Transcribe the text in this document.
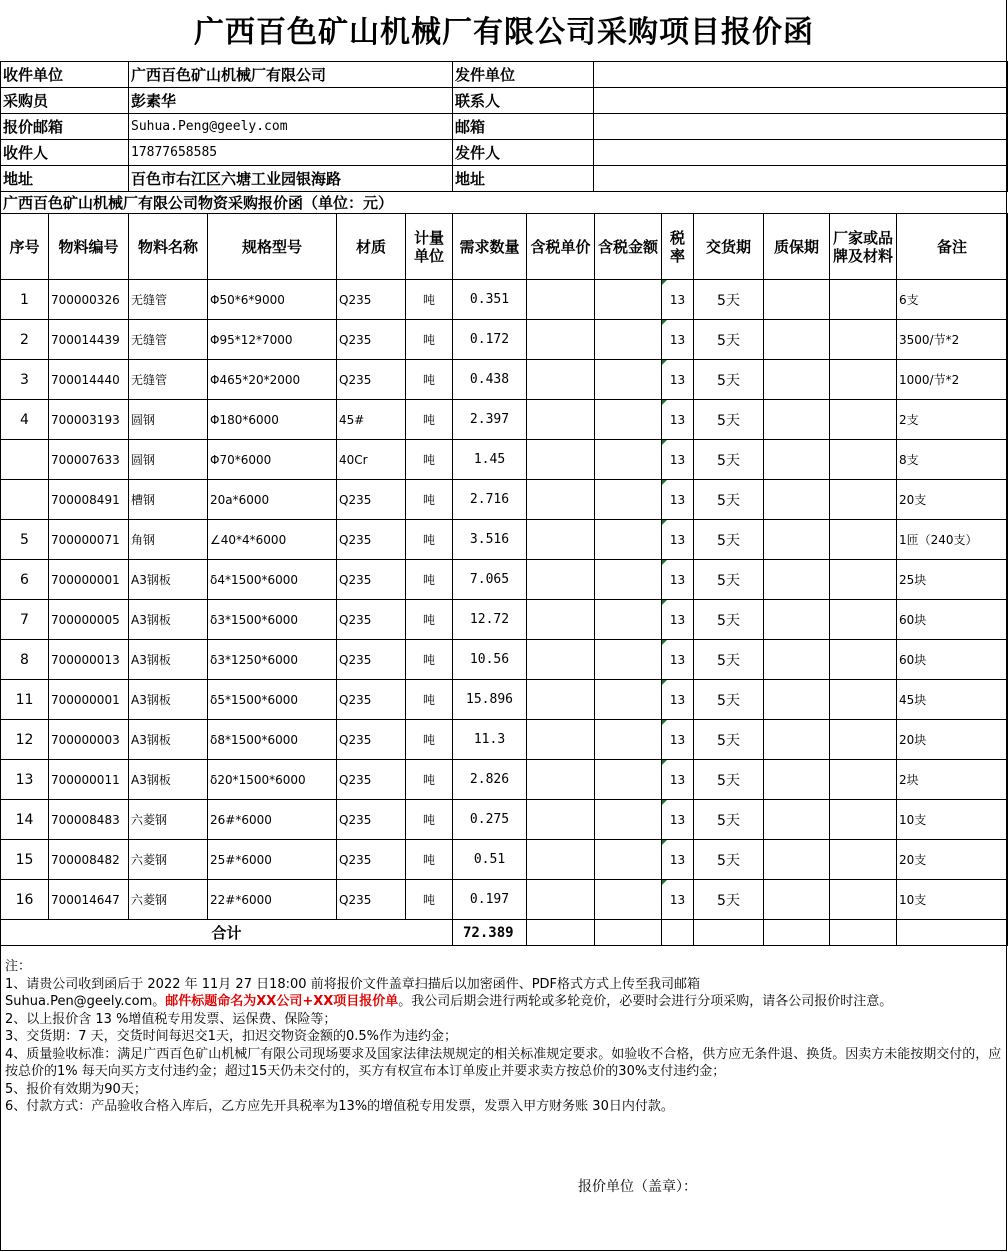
广西百色矿山机械厂有限公司采购项目报价函
收件单位	广西百色矿山机械厂有限公司	发件单位	
采购员	彭素华	联系人	
报价邮箱	Suhua.Peng@geely.com	邮箱	
收件人	17877658585	发件人	
地址	百色市右江区六塘工业园银海路	地址	
广西百色矿山机械厂有限公司物资采购报价函（单位：元）
序号	物料编号	物料名称	规格型号	材质	计量单位	需求数量	含税单价	含税金额	税率	交货期	质保期	厂家或品牌及材料	备注
1	700000326	无缝管	Φ50*6*9000	Q235	吨	0.351			13	5天			6支
2	700014439	无缝管	Φ95*12*7000	Q235	吨	0.172			13	5天			3500/节*2
3	700014440	无缝管	Φ465*20*2000	Q235	吨	0.438			13	5天			1000/节*2
4	700003193	圆钢	Φ180*6000	45#	吨	2.397			13	5天			2支
	700007633	圆钢	Φ70*6000	40Cr	吨	1.45			13	5天			8支
	700008491	槽钢	20a*6000	Q235	吨	2.716			13	5天			20支
5	700000071	角钢	∠40*4*6000	Q235	吨	3.516			13	5天			1匝（240支）
6	700000001	A3钢板	δ4*1500*6000	Q235	吨	7.065			13	5天			25块
7	700000005	A3钢板	δ3*1500*6000	Q235	吨	12.72			13	5天			60块
8	700000013	A3钢板	δ3*1250*6000	Q235	吨	10.56			13	5天			60块
11	700000001	A3钢板	δ5*1500*6000	Q235	吨	15.896			13	5天			45块
12	700000003	A3钢板	δ8*1500*6000	Q235	吨	11.3			13	5天			20块
13	700000011	A3钢板	δ20*1500*6000	Q235	吨	2.826			13	5天			2块
14	700008483	六菱钢	26#*6000	Q235	吨	0.275			13	5天			10支
15	700008482	六菱钢	25#*6000	Q235	吨	0.51			13	5天			20支
16	700014647	六菱钢	22#*6000	Q235	吨	0.197			13	5天			10支
合计						72.389							

注：

1、请贵公司收到函后于 2022 年 11月 27 日18:00 前将报价文件盖章扫描后以加密函件、PDF格式方式上传至我司邮箱

Suhua.Pen@geely.com。邮件标题命名为XX公司+XX项目报价单。我公司后期会进行两轮或多轮竞价，必要时会进行分项采购，请各公司报价时注意。

2、以上报价含 13 %增值税专用发票、运保费、保险等；

3、交货期：7 天，交货时间每迟交1天，扣迟交物资金额的0.5%作为违约金；

4、质量验收标准：满足广西百色矿山机械厂有限公司现场要求及国家法律法规规定的相关标准规定要求。如验收不合格，供方应无条件退、换货。因卖方未能按期交付的，应按总价的1% 每天向买方支付违约金；超过15天仍未交付的，买方有权宣布本订单废止并要求卖方按总价的30%支付违约金；

5、报价有效期为90天；

6、付款方式：产品验收合格入库后，乙方应先开具税率为13%的增值税专用发票，发票入甲方财务账 30日内付款。

报价单位（盖章）：
